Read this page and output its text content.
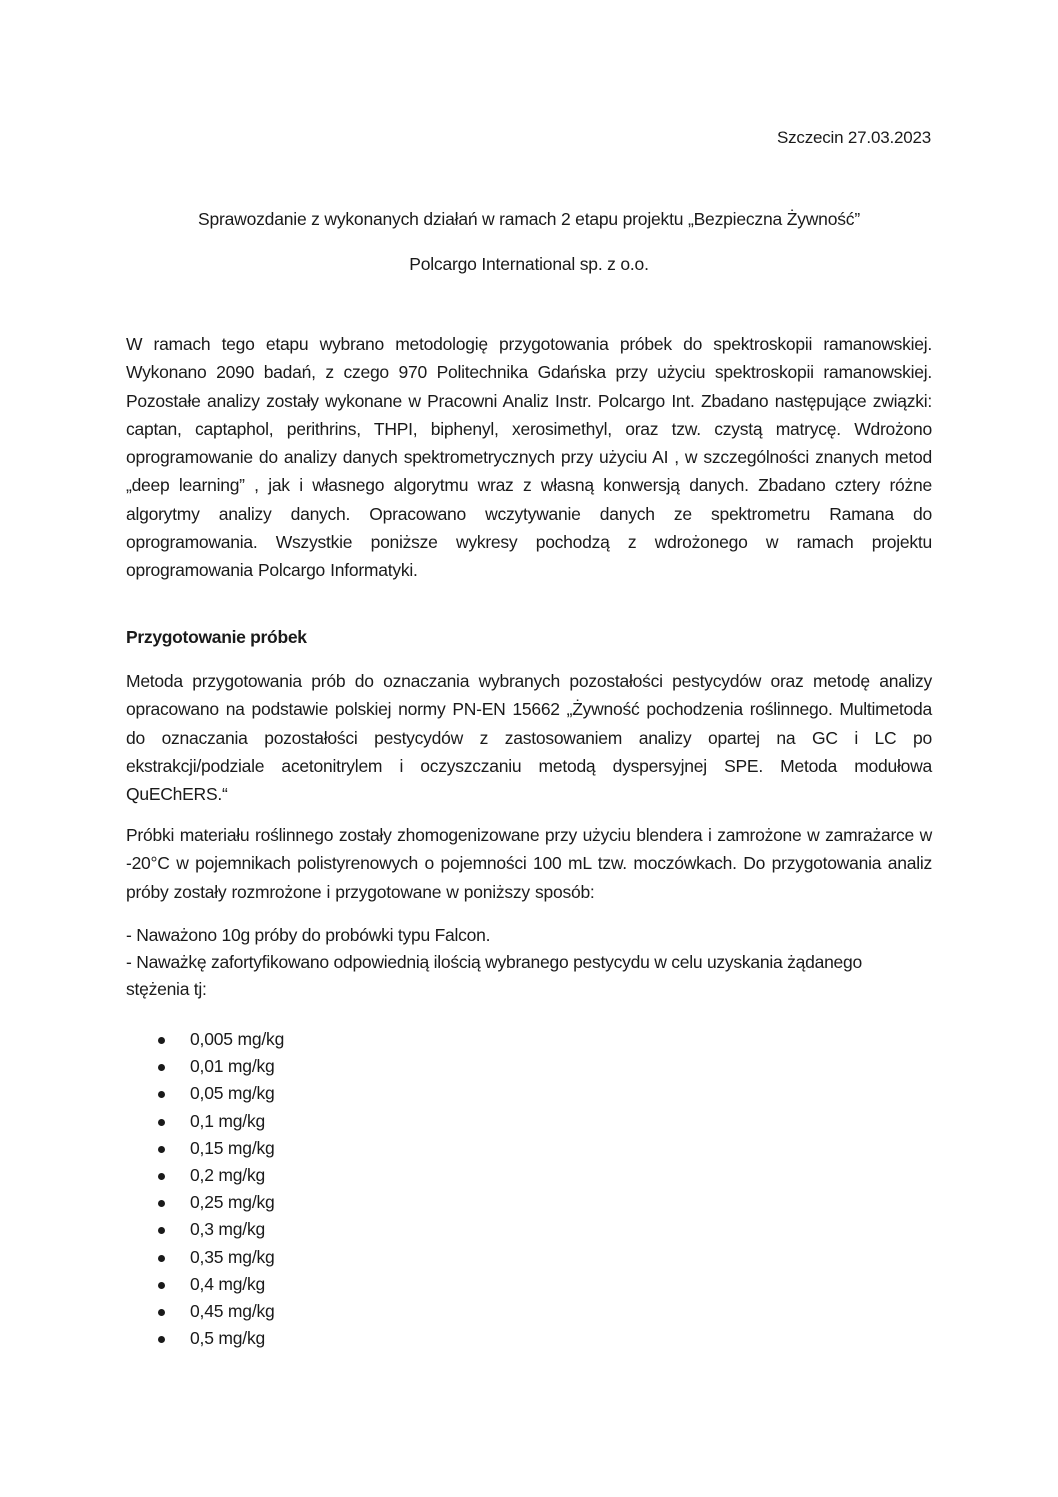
Szczecin 27.03.2023
Sprawozdanie z wykonanych działań w ramach 2 etapu projektu „Bezpieczna Żywność”
Polcargo International sp. z o.o.

W ramach tego etapu wybrano metodologię przygotowania próbek do spektroskopii ramanowskiej. Wykonano 2090 badań, z czego 970 Politechnika Gdańska przy użyciu spektroskopii ramanowskiej. Pozostałe analizy zostały wykonane w Pracowni Analiz Instr. Polcargo Int. Zbadano następujące związki: captan, captaphol, perithrins, THPI, biphenyl, xerosimethyl, oraz tzw. czystą matrycę. Wdrożono oprogramowanie do analizy danych spektrometrycznych przy użyciu AI , w szczególności znanych metod „deep learning” , jak i własnego algorytmu wraz z własną konwersją danych. Zbadano cztery różne algorytmy analizy danych. Opracowano wczytywanie danych ze spektrometru Ramana do oprogramowania. Wszystkie poniższe wykresy pochodzą z wdrożonego w ramach projektu oprogramowania Polcargo Informatyki.

Przygotowanie próbek

Metoda przygotowania prób do oznaczania wybranych pozostałości pestycydów oraz metodę analizy opracowano na podstawie polskiej normy PN-EN 15662 „Żywność pochodzenia roślinnego. Multimetoda do oznaczania pozostałości pestycydów z zastosowaniem analizy opartej na GC i LC po ekstrakcji/podziale acetonitrylem i oczyszczaniu metodą dyspersyjnej SPE. Metoda modułowa QuEChERS.“

Próbki materiału roślinnego zostały zhomogenizowane przy użyciu blendera i zamrożone w zamrażarce w -20°C w pojemnikach polistyrenowych o pojemności 100 mL tzw. moczówkach. Do przygotowania analiz próby zostały rozmrożone i przygotowane w poniższy sposób:

- Naważono 10g próby do probówki typu Falcon.
- Naważkę zafortyfikowano odpowiednią ilością wybranego pestycydu w celu uzyskania żądanego stężenia tj:
0,005 mg/kg
0,01 mg/kg
0,05 mg/kg
0,1 mg/kg
0,15 mg/kg
0,2 mg/kg
0,25 mg/kg
0,3 mg/kg
0,35 mg/kg
0,4 mg/kg
0,45 mg/kg
0,5 mg/kg
